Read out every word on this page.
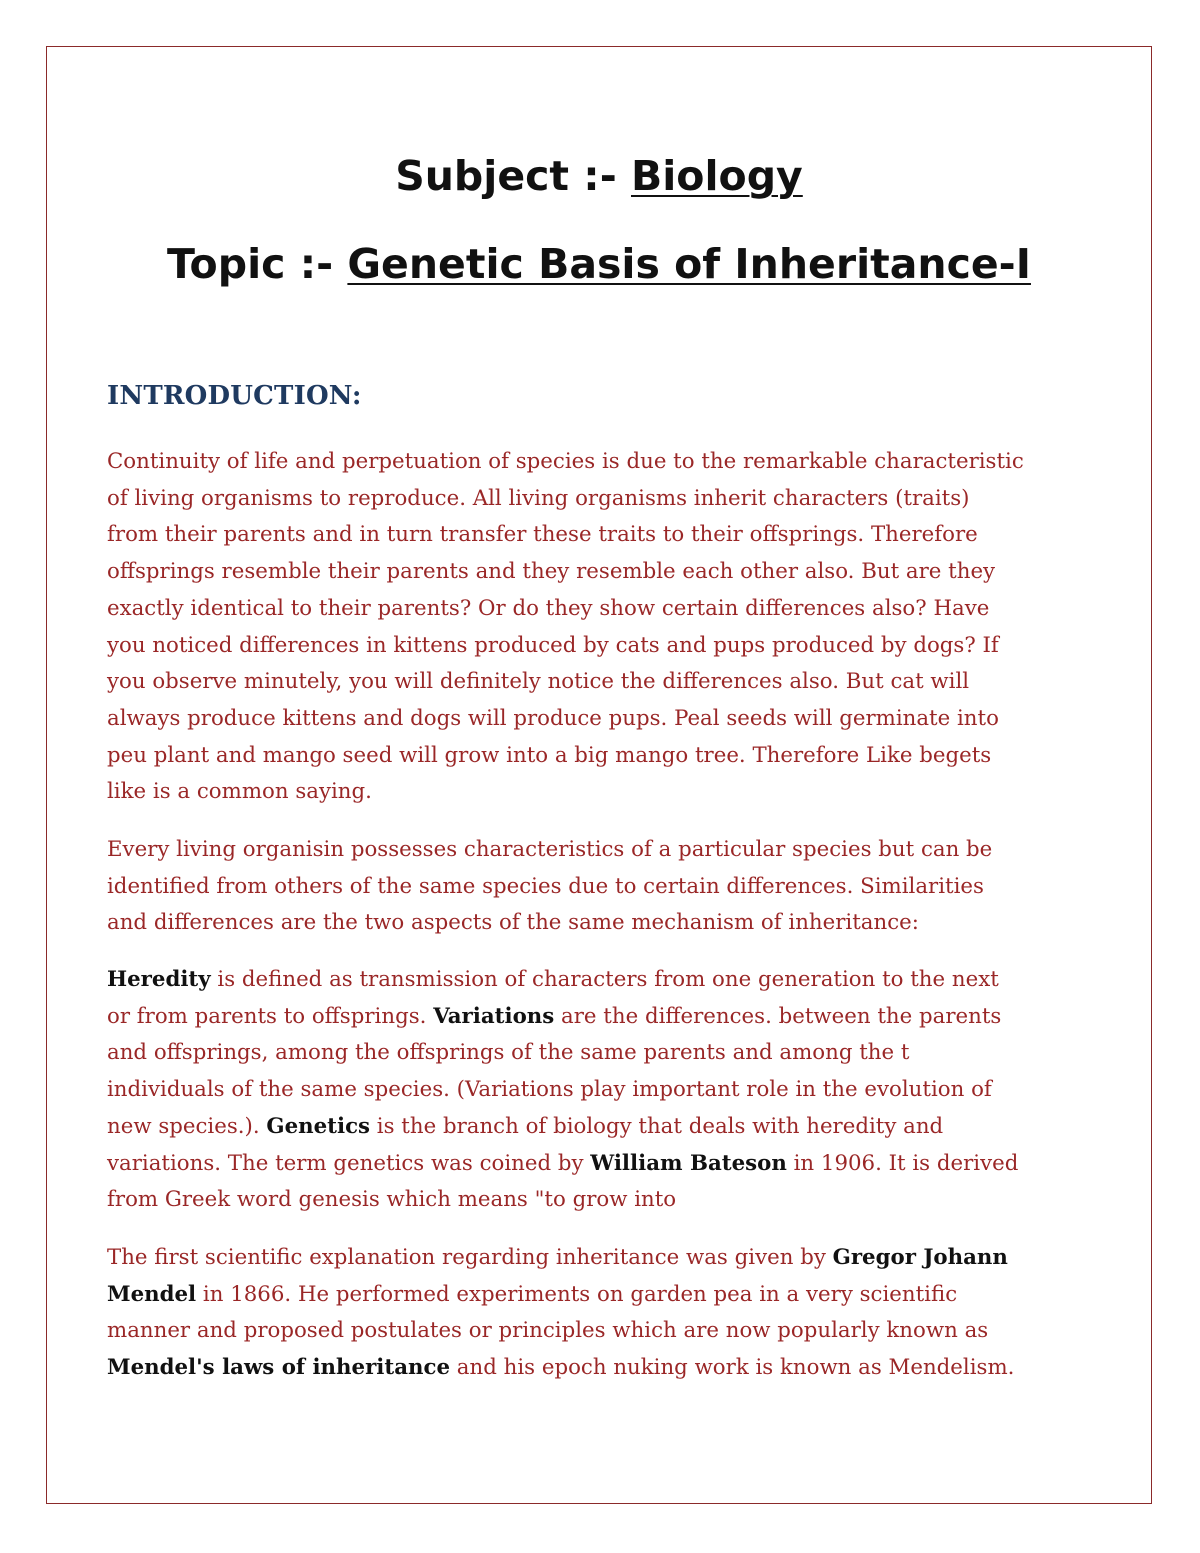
Subject :- Biology
Topic :- Genetic Basis of Inheritance-I
INTRODUCTION:
Continuity of life and perpetuation of species is due to the remarkable characteristic
of living organisms to reproduce. All living organisms inherit characters (traits)
from their parents and in turn transfer these traits to their offsprings. Therefore
offsprings resemble their parents and they resemble each other also. But are they
exactly identical to their parents? Or do they show certain differences also? Have
you noticed differences in kittens produced by cats and pups produced by dogs? If
you observe minutely, you will definitely notice the differences also. But cat will
always produce kittens and dogs will produce pups. Peal seeds will germinate into
peu plant and mango seed will grow into a big mango tree. Therefore Like begets
like is a common saying.
Every living organisin possesses characteristics of a particular species but can be
identified from others of the same species due to certain differences. Similarities
and differences are the two aspects of the same mechanism of inheritance:
Heredity is defined as transmission of characters from one generation to the next
or from parents to offsprings. Variations are the differences. between the parents
and offsprings, among the offsprings of the same parents and among the t
individuals of the same species. (Variations play important role in the evolution of
new species.). Genetics is the branch of biology that deals with heredity and
variations. The term genetics was coined by William Bateson in 1906. It is derived
from Greek word genesis which means "to grow into
The first scientific explanation regarding inheritance was given by Gregor Johann
Mendel in 1866. He performed experiments on garden pea in a very scientific
manner and proposed postulates or principles which are now popularly known as
Mendel's laws of inheritance and his epoch nuking work is known as Mendelism.
